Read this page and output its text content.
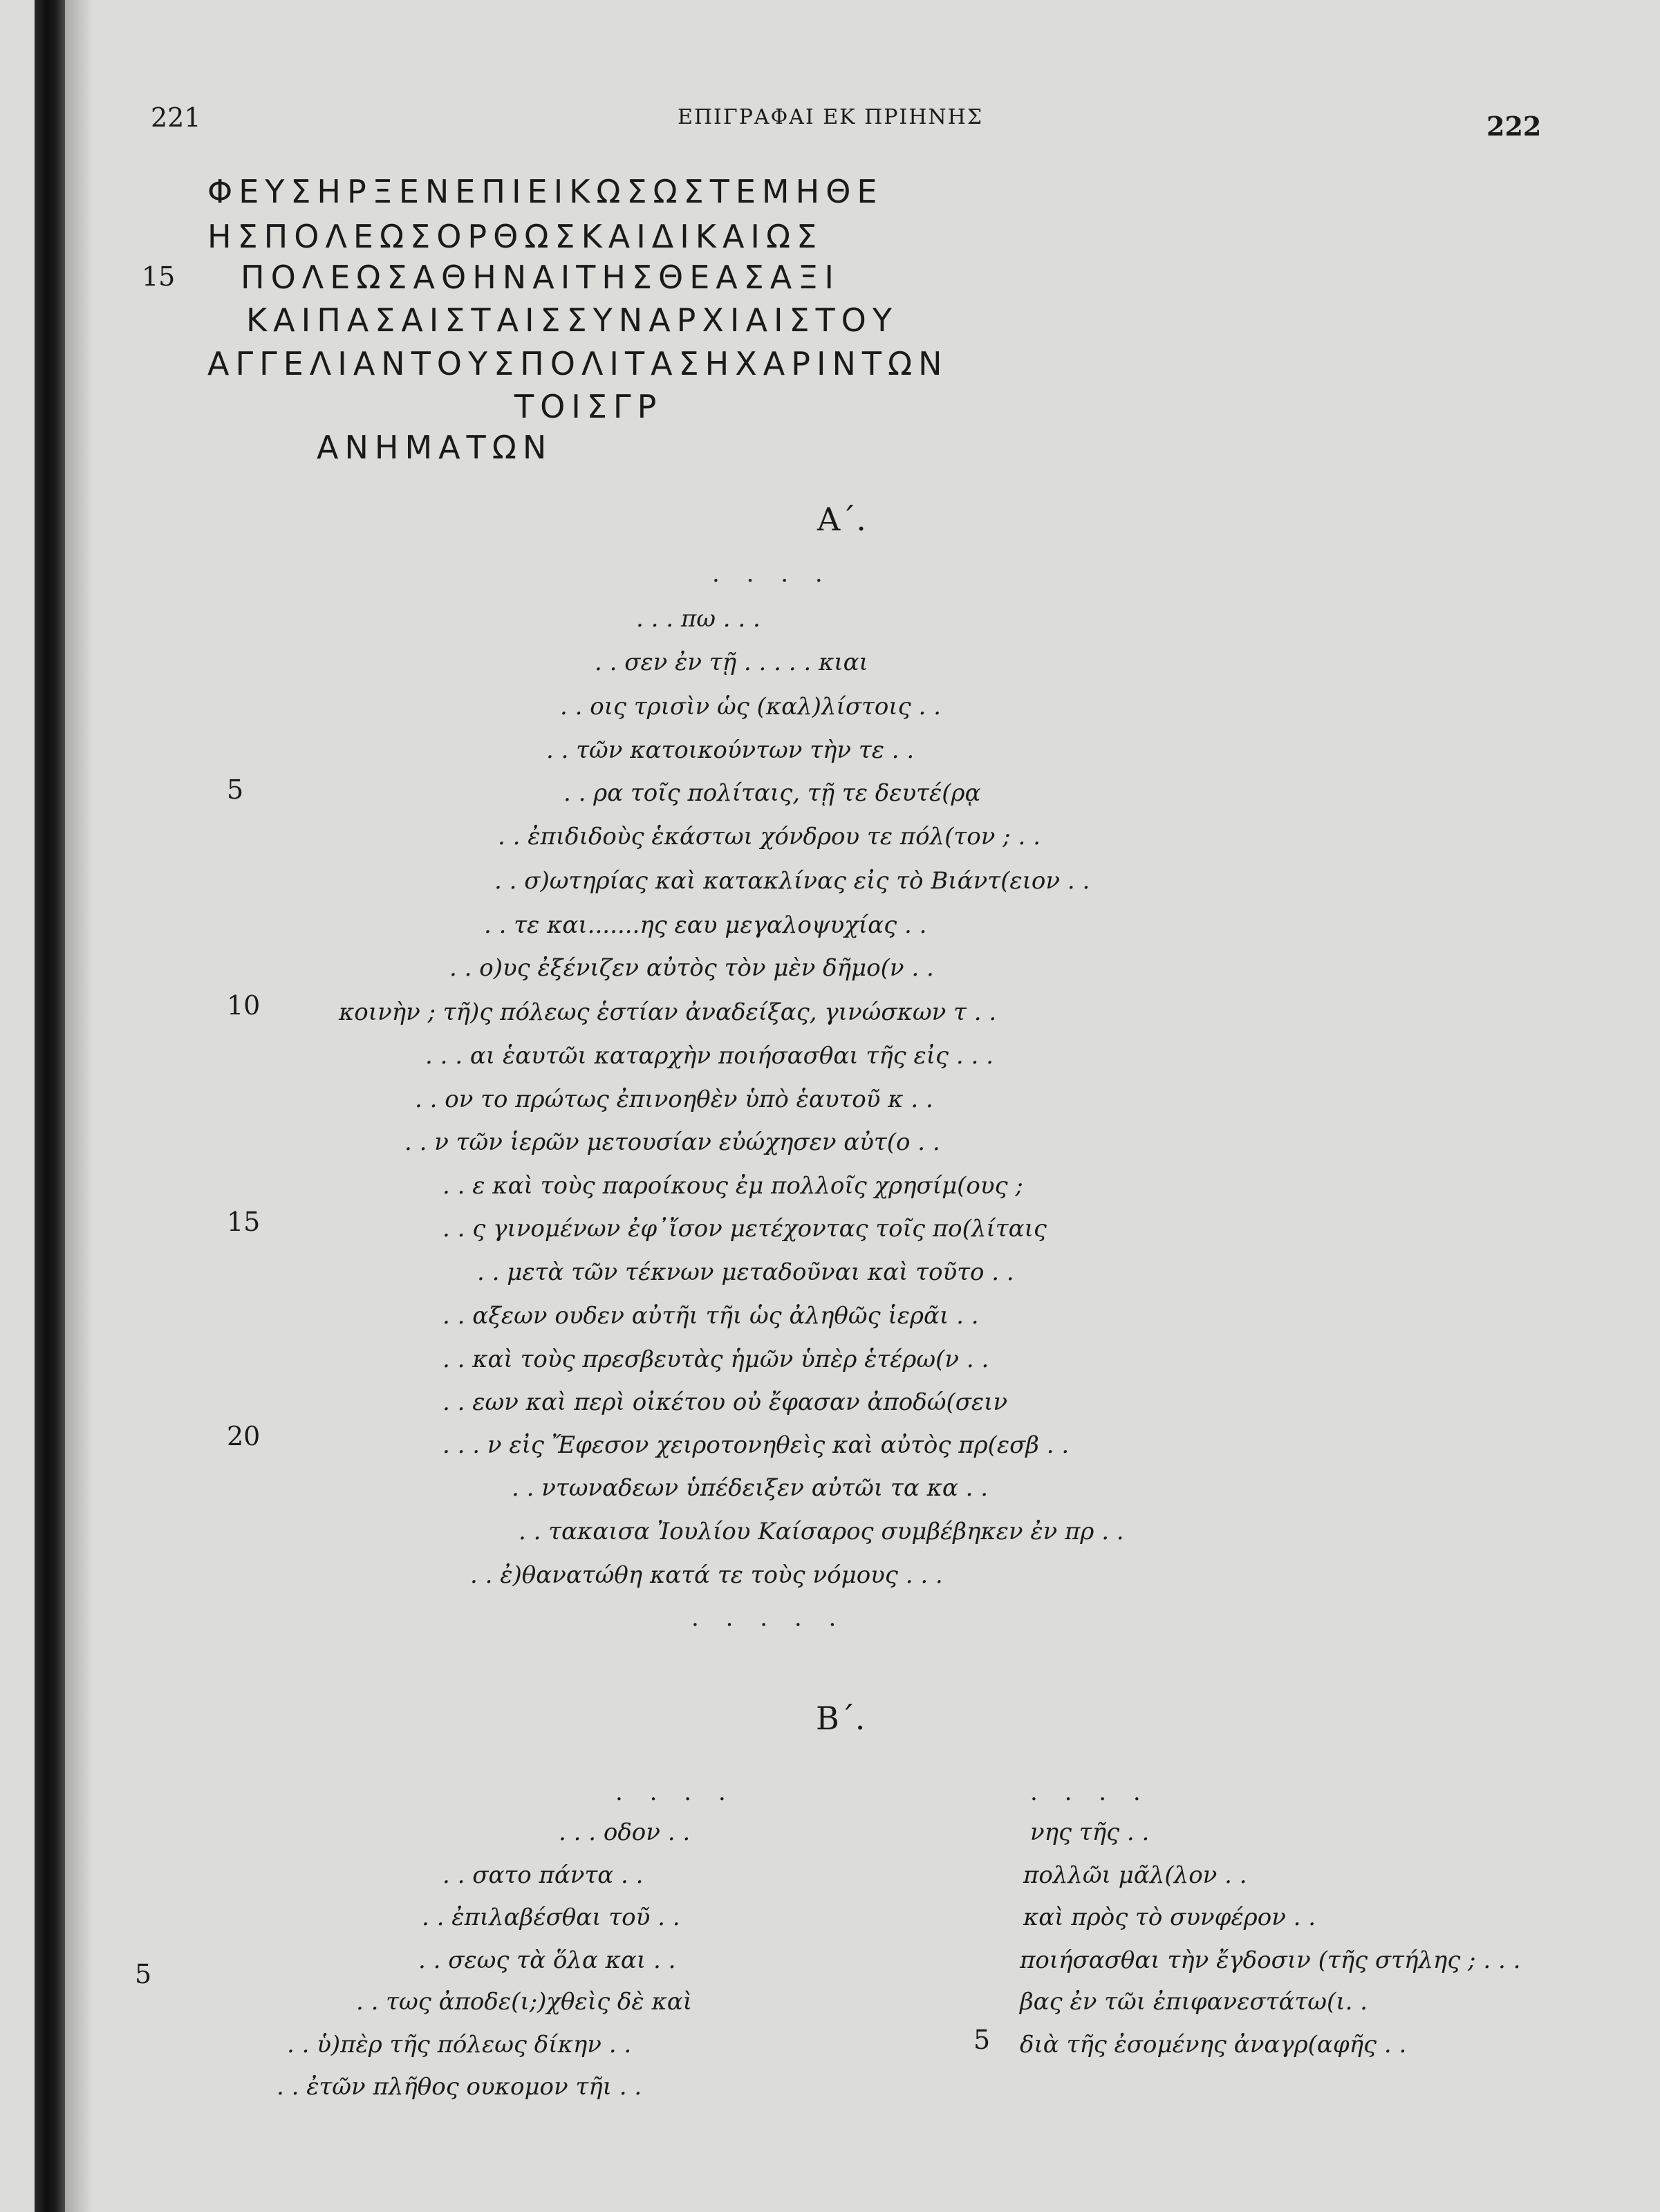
221	ΕΠΙΓΡΑΦΑΙ ΕΚ ΠΡΙΗΝΗΣ	222
ΦΕΥΣΗΡΞΕΝΕΠΙΕΙΚΩΣΩΣΤΕΜΗΘΕ
ΗΣΠΟΛΕΩΣΟΡΘΩΣΚΑΙΔΙΚΑΙΩΣ
15 ΠΟΛΕΩΣΑΘΗΝΑΙΤΗΣΘΕΑΣΑΞΙ
ΚΑΙΠΑΣΑΙΣΤΑΙΣΣΥΝΑΡΧΙΑΙΣΤΟΥ
ΑΓΓΕΛΙΑΝΤΟΥΣΠΟΛΙΤΑΣΗΧΑΡΙΝΤΩΝ
ΤΟΙΣΓΡ
ΑΝΗΜΑΤΩΝ
Α΄.
. . . .
. . . πω . . .
. . σεν ἐν τῇ . . . . . κιαι
. . οις τρισὶν ὡς (καλ)λίστοις . .
. . τῶν κατοικούντων τὴν τε . .
5	. . ρα τοῖς πολίταις, τῇ τε δευτέ(ρᾳ
. . ἐπιδιδοὺς ἑκάστωι χόνδρου τε πόλ(τον ; . .
. . σ)ωτηρίας καὶ κατακλίνας εἰς τὸ Βιάντ(ειον . .
. . τε και.......ης εαυ μεγαλοψυχίας . .
. . ο)υς ἐξένιζεν αὐτὸς τὸν μὲν δῆμο(ν . .
10	κοινὴν ; τῆ)ς πόλεως ἑστίαν ἀναδείξας, γινώσκων τ . .
. . . αι ἑαυτῶι καταρχὴν ποιήσασθαι τῆς εἰς . . .
. . ον το πρώτως ἐπινοηθὲν ὑπὸ ἑαυτοῦ κ . .
. . ν τῶν ἱερῶν μετουσίαν εὐώχησεν αὐτ(ο . .
. . ε καὶ τοὺς παροίκους ἐμ πολλοῖς χρησίμ(ους ;
15	. . ς γινομένων ἐφ᾽ἴσον μετέχοντας τοῖς πο(λίταις
. . μετὰ τῶν τέκνων μεταδοῦναι καὶ τοῦτο . .
. . αξεων ουδεν αὐτῆι τῆι ὡς ἀληθῶς ἱερᾶι . .
. . καὶ τοὺς πρεσβευτὰς ἡμῶν ὑπὲρ ἑτέρω(ν . .
. . εων καὶ περὶ οἰκέτου οὐ ἔφασαν ἀποδώ(σειν
20	. . . ν εἰς Ἔφεσον χειροτονηθεὶς καὶ αὐτὸς πρ(εσβ . .
. . ντωναδεων ὑπέδειξεν αὐτῶι τα κα . .
. . τακαισα Ἰουλίου Καίσαρος συμβέβηκεν ἐν πρ . .
. . ἐ)θανατώθη κατά τε τοὺς νόμους . . .
. . . . .
Β΄.
. . . .
. . . οδον . .
. . σατο πάντα . .
. . ἐπιλαβέσθαι τοῦ . .
5	. . σεως τὰ ὅλα και . .
. . τως ἀποδε(ι;)χθεὶς δὲ καὶ
. . ὑ)πὲρ τῆς πόλεως δίκην . .
. . ἐτῶν πλῆθος ουκομον τῆι . .
. . . .
νης τῆς . .
πολλῶι μᾶλ(λον . .
καὶ πρὸς τὸ συνφέρον . .
ποιήσασθαι τὴν ἔγδοσιν (τῆς στήλης ; . . .
5
βας ἐν τῶι ἐπιφανεστάτω(ι. .
διὰ τῆς ἐσομένης ἀναγρ(αφῆς . .
